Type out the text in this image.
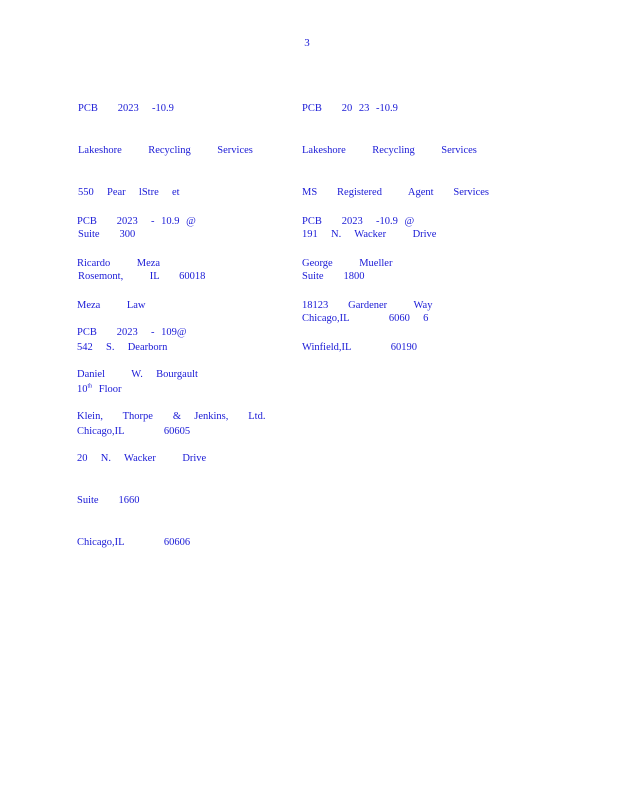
3

PCB   2023  -10.9

Lakeshore    Recycling    Services

550  Pear  lStre  et

Suite   300

Rosemont,    IL   60018

PCB   20 23 -10.9

Lakeshore    Recycling    Services

MS   Registered    Agent   Services

191  N.  Wacker    Drive

Suite   1800

Chicago,IL      6060  6

PCB   2023  - 10.9 @

Ricardo    Meza

Meza    Law

542  S.  Dearborn

10th Floor

Chicago,IL      60605

PCB   2023  -10.9 @

George    Mueller

18123   Gardener    Way

Winfield,IL      60190

PCB   2023  - 109@

Daniel    W.  Bourgault

Klein,   Thorpe   &  Jenkins,   Ltd.

20  N.  Wacker    Drive

Suite   1660

Chicago,IL      60606
